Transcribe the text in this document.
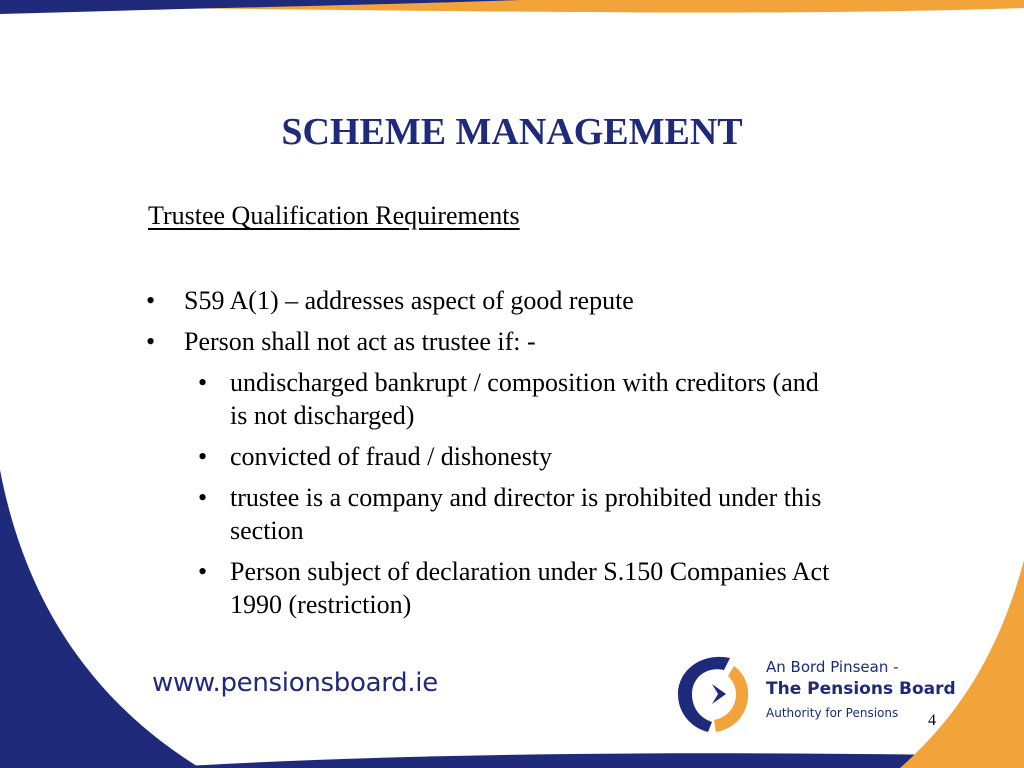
SCHEME MANAGEMENT
Trustee Qualification Requirements
• S59 A(1) – addresses aspect of good repute
• Person shall not act as trustee if: -
• undischarged bankrupt / composition with creditors (and is not discharged)
• convicted of fraud / dishonesty
• trustee is a company and director is prohibited under this section
• Person subject of declaration under S.150 Companies Act 1990 (restriction)
www.pensionsboard.ie
An Bord Pinsean -
The Pensions Board
Authority for Pensions	4
